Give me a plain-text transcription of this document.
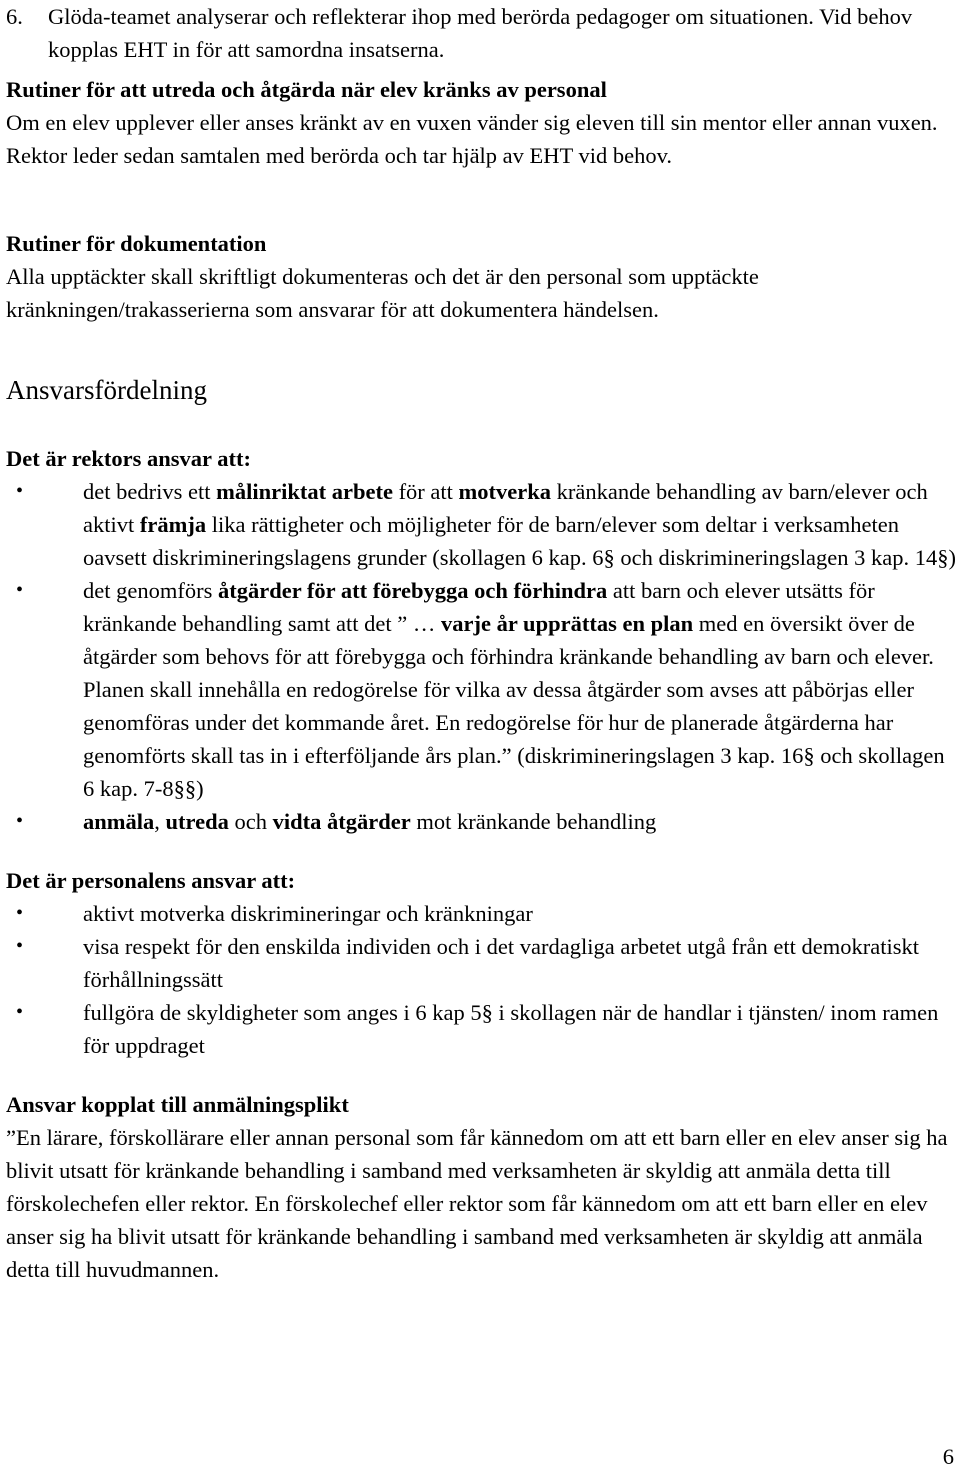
6.	Glöda-teamet analyserar och reflekterar ihop med berörda pedagoger om situationen. Vid behov kopplas EHT in för att samordna insatserna.

Rutiner för att utreda och åtgärda när elev kränks av personal

Om en elev upplever eller anses kränkt av en vuxen vänder sig eleven till sin mentor eller annan vuxen. Rektor leder sedan samtalen med berörda och tar hjälp av EHT vid behov.

Rutiner för dokumentation

Alla upptäckter skall skriftligt dokumenteras och det är den personal som upptäckte kränkningen/trakasserierna som ansvarar för att dokumentera händelsen.

Ansvarsfördelning

Det är rektors ansvar att:

•	det bedrivs ett målinriktat arbete för att motverka kränkande behandling av barn/elever och aktivt främja lika rättigheter och möjligheter för de barn/elever som deltar i verksamheten oavsett diskrimineringslagens grunder (skollagen 6 kap. 6§ och diskrimineringslagen 3 kap. 14§)
•	det genomförs åtgärder för att förebygga och förhindra att barn och elever utsätts för kränkande behandling samt att det ” … varje år upprättas en plan med en översikt över de åtgärder som behovs för att förebygga och förhindra kränkande behandling av barn och elever. Planen skall innehålla en redogörelse för vilka av dessa åtgärder som avses att påbörjas eller genomföras under det kommande året. En redogörelse för hur de planerade åtgärderna har genomförts skall tas in i efterföljande års plan.” (diskrimineringslagen 3 kap. 16§ och skollagen 6 kap. 7-8§§)
•	anmäla, utreda och vidta åtgärder mot kränkande behandling

Det är personalens ansvar att:

•	aktivt motverka diskrimineringar och kränkningar
•	visa respekt för den enskilda individen och i det vardagliga arbetet utgå från ett demokratiskt förhållningssätt
•	fullgöra de skyldigheter som anges i 6 kap 5§ i skollagen när de handlar i tjänsten/ inom ramen för uppdraget

Ansvar kopplat till anmälningsplikt

”En lärare, förskollärare eller annan personal som får kännedom om att ett barn eller en elev anser sig ha blivit utsatt för kränkande behandling i samband med verksamheten är skyldig att anmäla detta till förskolechefen eller rektor. En förskolechef eller rektor som får kännedom om att ett barn eller en elev anser sig ha blivit utsatt för kränkande behandling i samband med verksamheten är skyldig att anmäla detta till huvudmannen.

6
